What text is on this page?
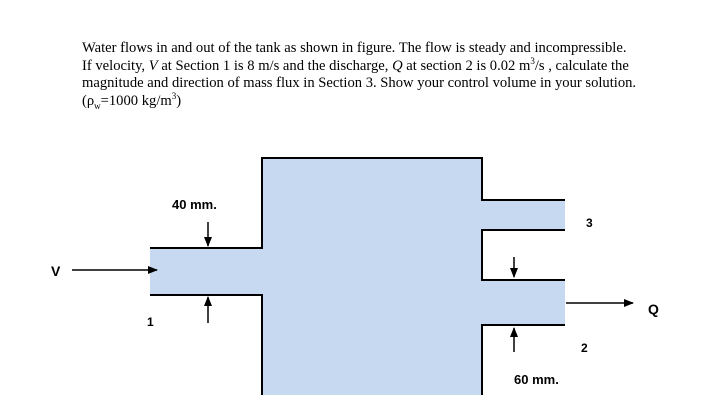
Water flows in and out of the tank as shown in figure. The flow is steady and incompressible.

If velocity, V at Section 1 is 8 m/s and the discharge, Q at section 2 is 0.02 $m^3/s$ , calculate the

magnitude and direction of mass flux in Section 3. Show your control volume in your solution.

($\rho_w=1000$ $kg/m^3$)

40 mm.
60 mm.
1
2
3
V
Q
